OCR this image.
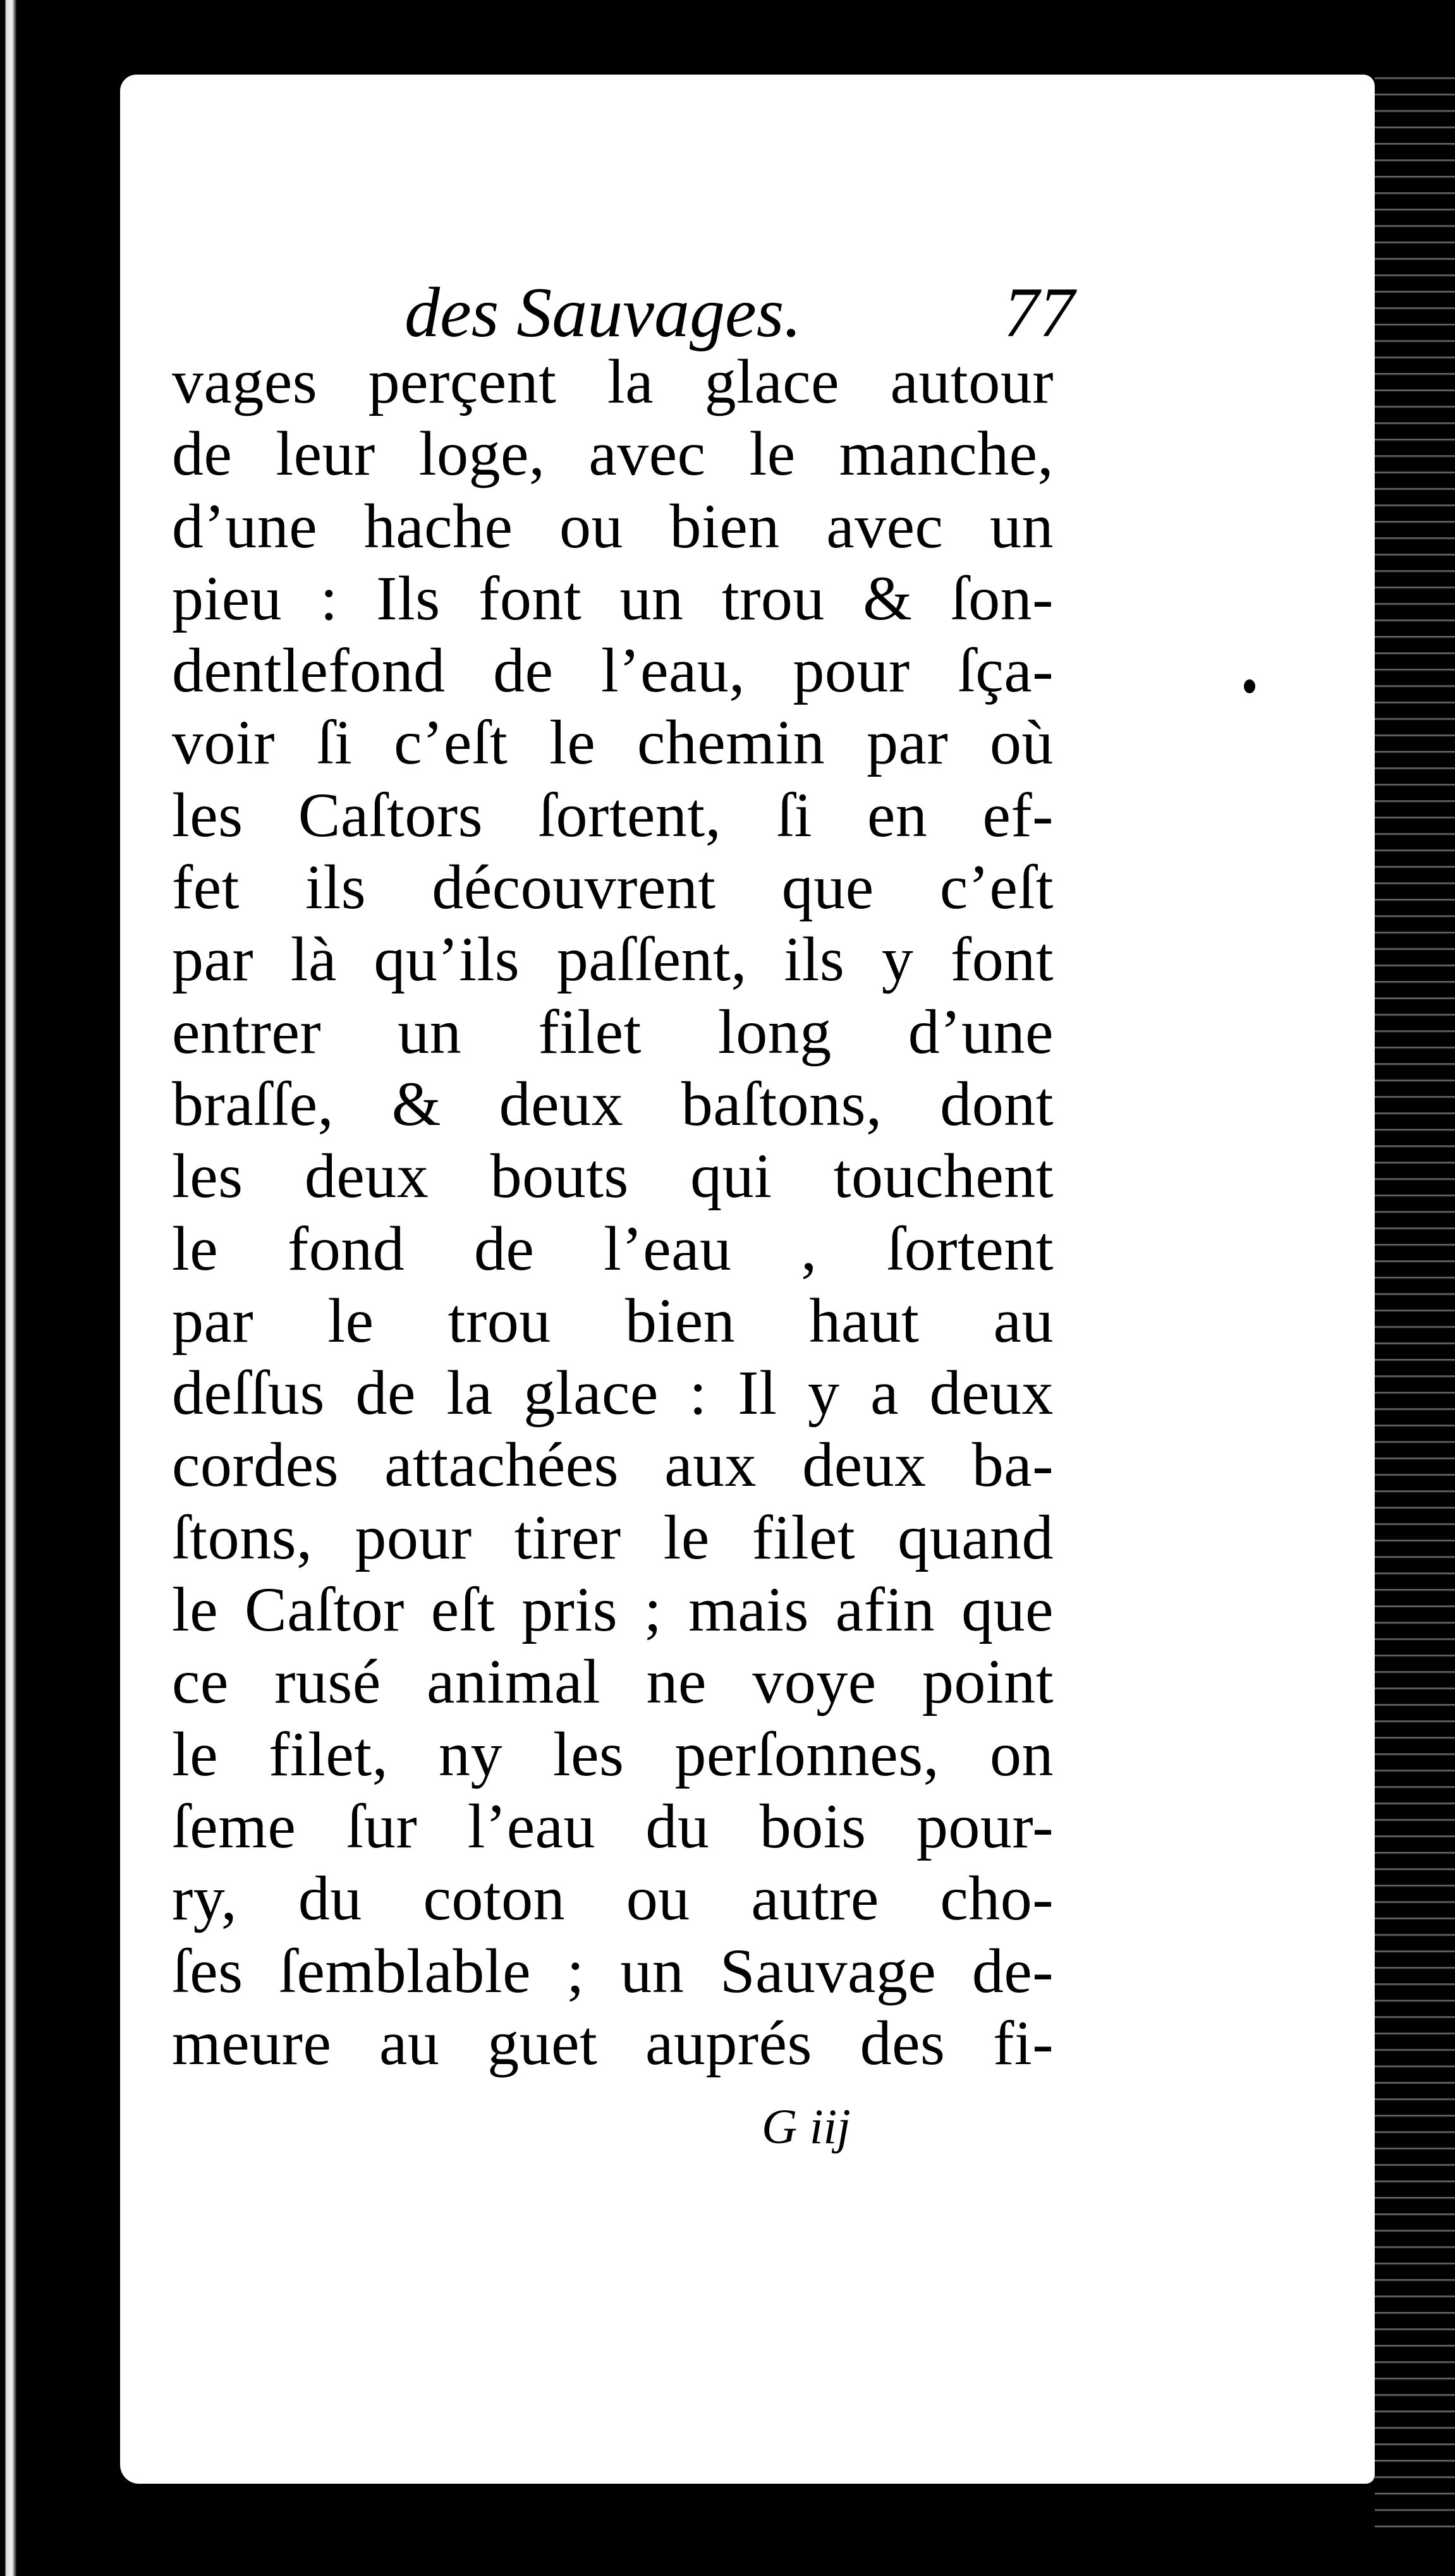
des Sauvages.	77
vages perçent la glace autour
de leur loge, avec le manche,
d’une hache ou bien avec un
pieu : Ils font un trou & ſon-
dentlefond de l’eau, pour ſça-
voir ſi c’eſt le chemin par où
les Caſtors ſortent, ſi en ef-
fet ils découvrent que c’eſt
par là qu’ils paſſent, ils y font
entrer un filet long d’une
braſſe, & deux baſtons, dont
les deux bouts qui touchent
le fond de l’eau , ſortent
par le trou bien haut au
deſſus de la glace : Il y a deux
cordes attachées aux deux ba-
ſtons, pour tirer le filet quand
le Caſtor eſt pris ; mais afin que
ce rusé animal ne voye point
le filet, ny les perſonnes, on
ſeme ſur l’eau du bois pour-
ry, du coton ou autre cho-
ſes ſemblable ; un Sauvage de-
meure au guet auprés des fi-
G iij
